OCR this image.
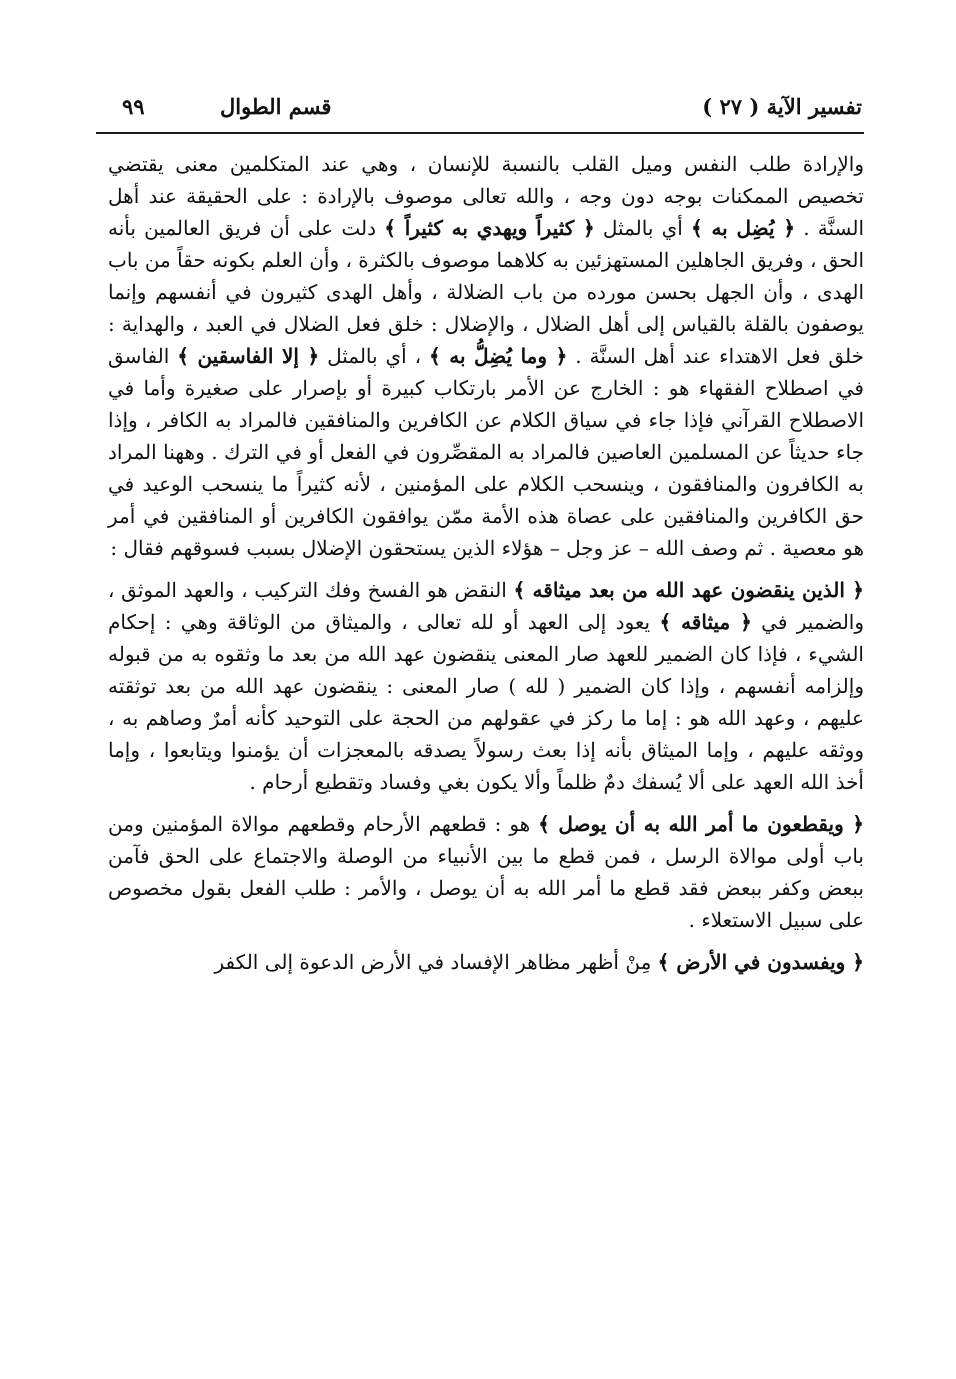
تفسير الآية ( ٢٧ )
قسم الطوال
٩٩

والإرادة طلب النفس وميل القلب بالنسبة للإنسان ، وهي عند المتكلمين معنى يقتضي تخصيص الممكنات بوجه دون وجه ، والله تعالى موصوف بالإرادة : على الحقيقة عند أهل السنَّة . ﴿ يُضِل به ﴾ أي بالمثل ﴿ كثيراً ويهدي به كثيراً ﴾ دلت على أن فريق العالمين بأنه الحق ، وفريق الجاهلين المستهزئين به كلاهما موصوف بالكثرة ، وأن العلم بكونه حقاً من باب الهدى ، وأن الجهل بحسن مورده من باب الضلالة ، وأهل الهدى كثيرون في أنفسهم وإنما يوصفون بالقلة بالقياس إلى أهل الضلال ، والإضلال : خلق فعل الضلال في العبد ، والهداية : خلق فعل الاهتداء عند أهل السنَّة . ﴿ وما يُضِلُّ به ﴾ ، أي بالمثل ﴿ إلا الفاسقين ﴾ الفاسق في اصطلاح الفقهاء هو : الخارج عن الأمر بارتكاب كبيرة أو بإصرار على صغيرة وأما في الاصطلاح القرآني فإذا جاء في سياق الكلام عن الكافرين والمنافقين فالمراد به الكافر ، وإذا جاء حديثاً عن المسلمين العاصين فالمراد به المقصِّرون في الفعل أو في الترك . وههنا المراد به الكافرون والمنافقون ، وينسحب الكلام على المؤمنين ، لأنه كثيراً ما ينسحب الوعيد في حق الكافرين والمنافقين على عصاة هذه الأمة ممّن يوافقون الكافرين أو المنافقين في أمر هو معصية . ثم وصف الله – عز وجل – هؤلاء الذين يستحقون الإضلال بسبب فسوقهم فقال :

﴿ الذين ينقضون عهد الله من بعد ميثاقه ﴾ النقض هو الفسخ وفك التركيب ، والعهد الموثق ، والضمير في ﴿ ميثاقه ﴾ يعود إلى العهد أو لله تعالى ، والميثاق من الوثاقة وهي : إحكام الشيء ، فإذا كان الضمير للعهد صار المعنى ينقضون عهد الله من بعد ما وثقوه به من قبوله وإلزامه أنفسهم ، وإذا كان الضمير ( لله ) صار المعنى : ينقضون عهد الله من بعد توثقته عليهم ، وعهد الله هو : إما ما ركز في عقولهم من الحجة على التوحيد كأنه أمرٌ وصاهم به ، ووثقه عليهم ، وإما الميثاق بأنه إذا بعث رسولاً يصدقه بالمعجزات أن يؤمنوا ويتابعوا ، وإما أخذ الله العهد على ألا يُسفك دمٌ ظلماً وألا يكون بغي وفساد وتقطيع أرحام .

﴿ ويقطعون ما أمر الله به أن يوصل ﴾ هو : قطعهم الأرحام وقطعهم موالاة المؤمنين ومن باب أولى موالاة الرسل ، فمن قطع ما بين الأنبياء من الوصلة والاجتماع على الحق فآمن ببعض وكفر ببعض فقد قطع ما أمر الله به أن يوصل ، والأمر : طلب الفعل بقول مخصوص على سبيل الاستعلاء .

﴿ ويفسدون في الأرض ﴾ مِنْ أظهر مظاهر الإفساد في الأرض الدعوة إلى الكفر
